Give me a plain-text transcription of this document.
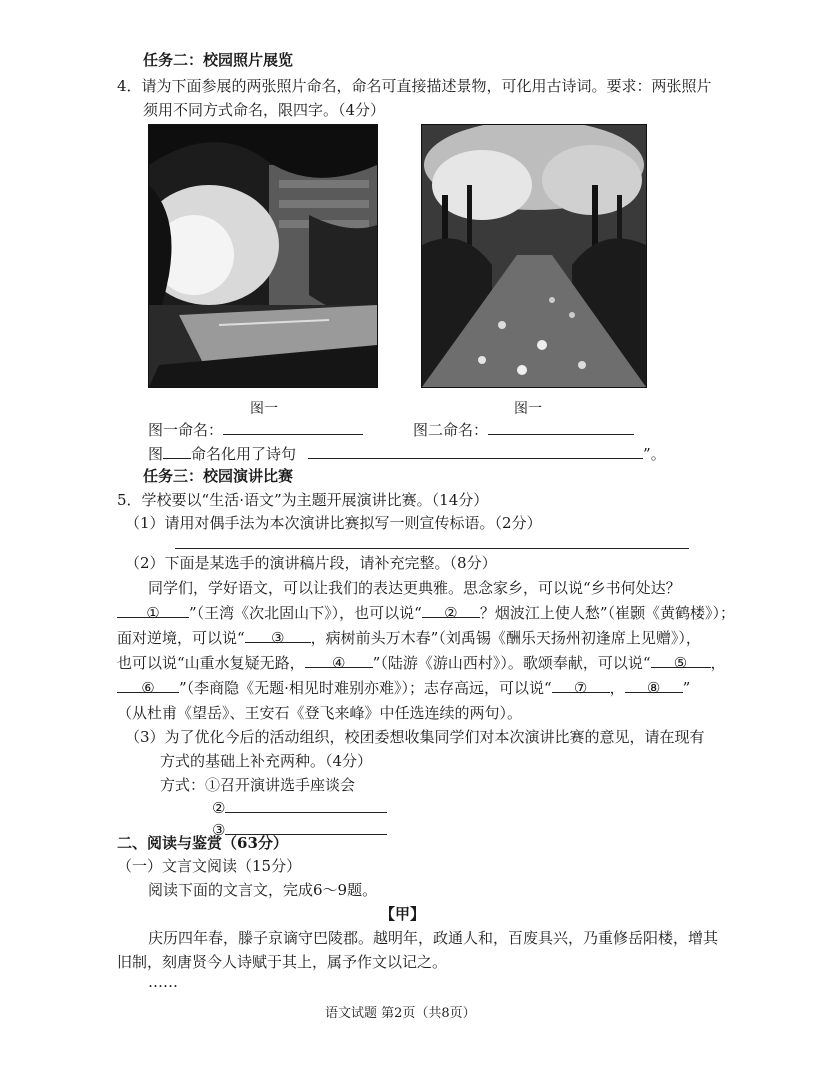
任务二：校园照片展览
4．请为下面参展的两张照片命名，命名可直接描述景物，可化用古诗词。要求：两张照片
须用不同方式命名，限四字。（4分）
图一	图一
图一命名：	图二命名：
图 命名化用了诗句	”。
任务三：校园演讲比赛
5．学校要以“生活·语文”为主题开展演讲比赛。（14分）
（1）请用对偶手法为本次演讲比赛拟写一则宣传标语。（2分）
（2）下面是某选手的演讲稿片段，请补充完整。（8分）
同学们，学好语文，可以让我们的表达更典雅。思念家乡，可以说“乡书何处达？
① ”（王湾《次北固山下》），也可以说“ ② ？烟波江上使人愁”（崔颢《黄鹤楼》）；
面对逆境，可以说“ ③ ，病树前头万木春”（刘禹锡《酬乐天扬州初逢席上见赠》），
也可以说“山重水复疑无路， ④ ”（陆游《游山西村》）。歌颂奉献，可以说“ ⑤ ，
⑥ ”（李商隐《无题·相见时难别亦难》）；志存高远，可以说“ ⑦ ， ⑧ ”
（从杜甫《望岳》、王安石《登飞来峰》中任选连续的两句）。
（3）为了优化今后的活动组织，校团委想收集同学们对本次演讲比赛的意见，请在现有
方式的基础上补充两种。（4分）
方式：①召开演讲选手座谈会
②
③
二、阅读与鉴赏（63分）
（一）文言文阅读（15分）
阅读下面的文言文，完成6～9题。
【甲】
庆历四年春，滕子京谪守巴陵郡。越明年，政通人和，百废具兴，乃重修岳阳楼，增其
旧制，刻唐贤今人诗赋于其上，属予作文以记之。
……
语文试题 第2页（共8页）
